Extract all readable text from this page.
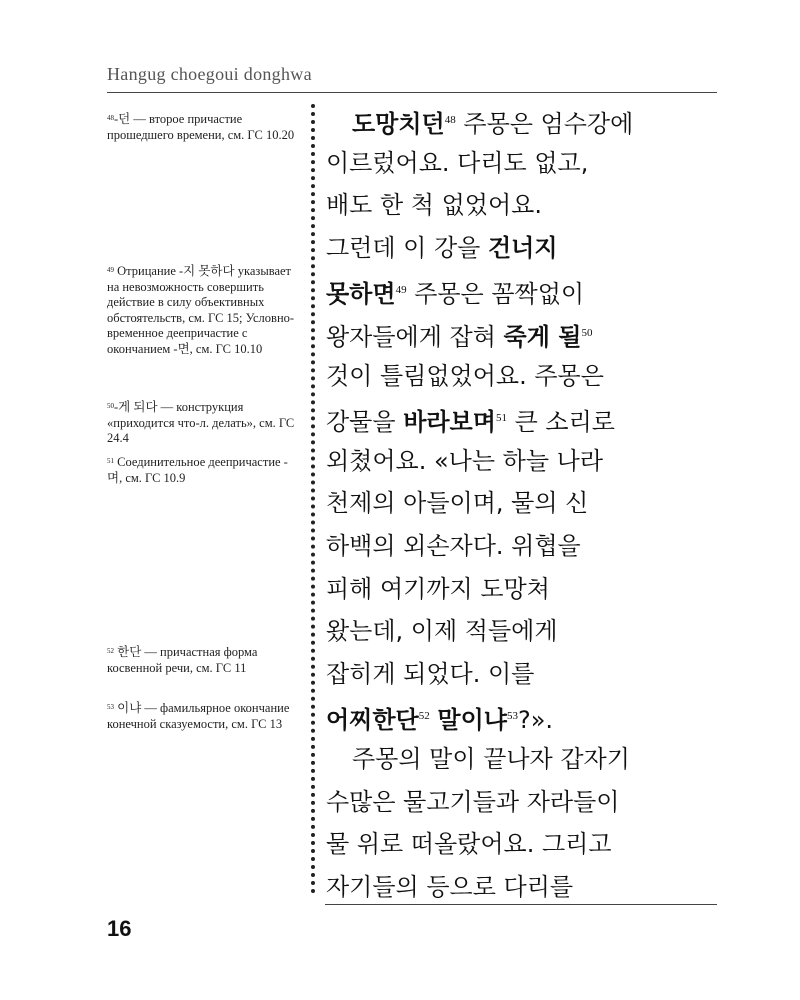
Hangug choegoui donghwa
$^{48}$-던 — второе причастие прошедшего времени, см. ГС 10.20
$^{49}$ Отрицание -지 못하다 указывает на невозможность совершить действие в силу объективных обстоятельств, см. ГС 15; Условно-временное деепричастие с окончанием -면, см. ГС 10.10
$^{50}$-게 되다 — конструкция «приходится что-л. делать», см. ГС 24.4
$^{51}$ Соединительное деепричастие -며, см. ГС 10.9
$^{52}$ 한단 — причастная форма косвенной речи, см. ГС 11
$^{53}$ 이냐 — фамильярное окончание конечной сказуемости, см. ГС 13
도망치던$^{48}$ 주몽은 엄수강에
이르렀어요. 다리도 없고,
배도 한 척 없었어요.
그런데 이 강을 건너지
못하면$^{49}$ 주몽은 꼼짝없이
왕자들에게 잡혀 죽게 될$^{50}$
것이 틀림없었어요. 주몽은
강물을 바라보며$^{51}$ 큰 소리로
외쳤어요. «나는 하늘 나라
천제의 아들이며, 물의 신
하백의 외손자다. 위협을
피해 여기까지 도망쳐
왔는데, 이제 적들에게
잡히게 되었다. 이를
어찌한단$^{52}$ 말이냐$^{53}$?».
주몽의 말이 끝나자 갑자기
수많은 물고기들과 자라들이
물 위로 떠올랐어요. 그리고
자기들의 등으로 다리를
16
